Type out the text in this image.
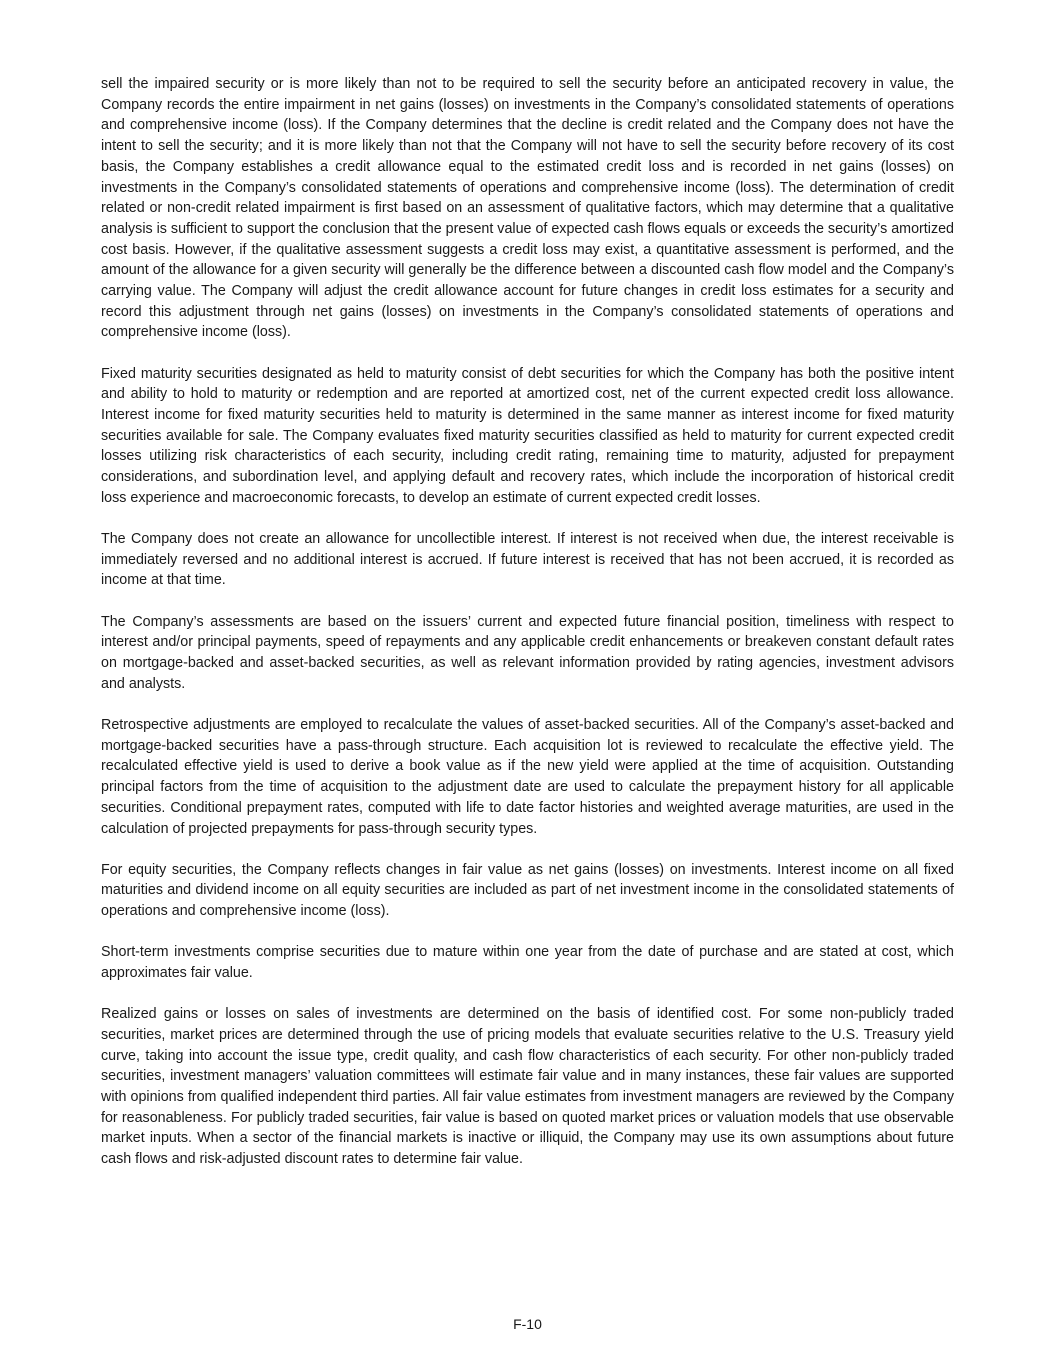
sell the impaired security or is more likely than not to be required to sell the security before an anticipated recovery in value, the Company records the entire impairment in net gains (losses) on investments in the Company’s consolidated statements of operations and comprehensive income (loss). If the Company determines that the decline is credit related and the Company does not have the intent to sell the security; and it is more likely than not that the Company will not have to sell the security before recovery of its cost basis, the Company establishes a credit allowance equal to the estimated credit loss and is recorded in net gains (losses) on investments in the Company’s consolidated statements of operations and comprehensive income (loss). The determination of credit related or non-credit related impairment is first based on an assessment of qualitative factors, which may determine that a qualitative analysis is sufficient to support the conclusion that the present value of expected cash flows equals or exceeds the security’s amortized cost basis. However, if the qualitative assessment suggests a credit loss may exist, a quantitative assessment is performed, and the amount of the allowance for a given security will generally be the difference between a discounted cash flow model and the Company’s carrying value. The Company will adjust the credit allowance account for future changes in credit loss estimates for a security and record this adjustment through net gains (losses) on investments in the Company’s consolidated statements of operations and comprehensive income (loss).

Fixed maturity securities designated as held to maturity consist of debt securities for which the Company has both the positive intent and ability to hold to maturity or redemption and are reported at amortized cost, net of the current expected credit loss allowance. Interest income for fixed maturity securities held to maturity is determined in the same manner as interest income for fixed maturity securities available for sale. The Company evaluates fixed maturity securities classified as held to maturity for current expected credit losses utilizing risk characteristics of each security, including credit rating, remaining time to maturity, adjusted for prepayment considerations, and subordination level, and applying default and recovery rates, which include the incorporation of historical credit loss experience and macroeconomic forecasts, to develop an estimate of current expected credit losses.

The Company does not create an allowance for uncollectible interest. If interest is not received when due, the interest receivable is immediately reversed and no additional interest is accrued. If future interest is received that has not been accrued, it is recorded as income at that time.

The Company’s assessments are based on the issuers’ current and expected future financial position, timeliness with respect to interest and/or principal payments, speed of repayments and any applicable credit enhancements or breakeven constant default rates on mortgage-backed and asset-backed securities, as well as relevant information provided by rating agencies, investment advisors and analysts.

Retrospective adjustments are employed to recalculate the values of asset-backed securities. All of the Company’s asset-backed and mortgage-backed securities have a pass-through structure. Each acquisition lot is reviewed to recalculate the effective yield. The recalculated effective yield is used to derive a book value as if the new yield were applied at the time of acquisition. Outstanding principal factors from the time of acquisition to the adjustment date are used to calculate the prepayment history for all applicable securities. Conditional prepayment rates, computed with life to date factor histories and weighted average maturities, are used in the calculation of projected prepayments for pass-through security types.

For equity securities, the Company reflects changes in fair value as net gains (losses) on investments. Interest income on all fixed maturities and dividend income on all equity securities are included as part of net investment income in the consolidated statements of operations and comprehensive income (loss).

Short-term investments comprise securities due to mature within one year from the date of purchase and are stated at cost, which approximates fair value.

Realized gains or losses on sales of investments are determined on the basis of identified cost. For some non-publicly traded securities, market prices are determined through the use of pricing models that evaluate securities relative to the U.S. Treasury yield curve, taking into account the issue type, credit quality, and cash flow characteristics of each security. For other non-publicly traded securities, investment managers’ valuation committees will estimate fair value and in many instances, these fair values are supported with opinions from qualified independent third parties. All fair value estimates from investment managers are reviewed by the Company for reasonableness. For publicly traded securities, fair value is based on quoted market prices or valuation models that use observable market inputs. When a sector of the financial markets is inactive or illiquid, the Company may use its own assumptions about future cash flows and risk-adjusted discount rates to determine fair value.

F-10
